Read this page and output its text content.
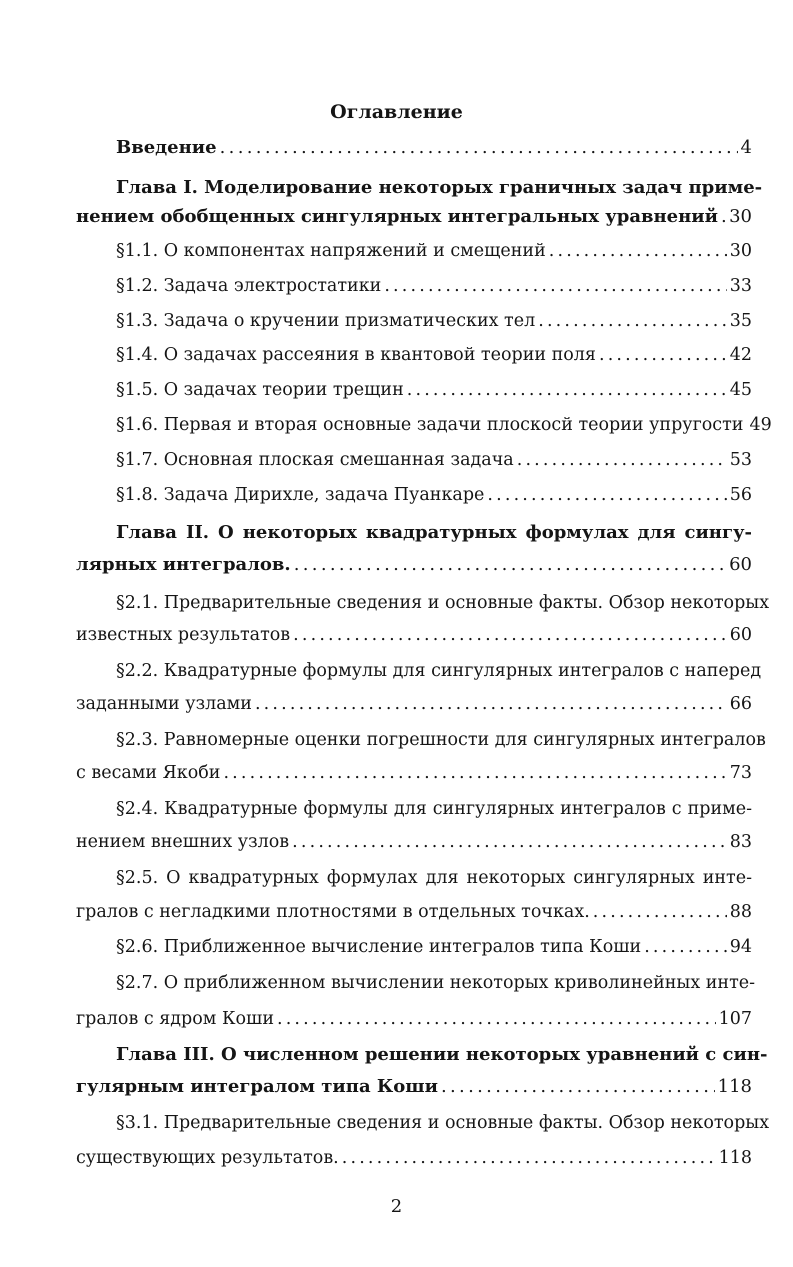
Оглавление
Введение . . .	4
Глава I. Моделирование некоторых граничных задач приме-
нением обобщенных сингулярных интегральных уравнений . . . 30
§1.1. О компонентах напряжений и смещений . . .	30
§1.2. Задача электростатики . . .	33
§1.3. Задача о кручении призматических тел . . .	35
§1.4. О задачах рассеяния в квантовой теории поля . . .	42
§1.5. О задачах теории трещин . . .	45
§1.6. Первая и вторая основные задачи плоскосй теории упругости 49
§1.7. Основная плоская смешанная задача . . .	53
§1.8. Задача Дирихле, задача Пуанкаре . . .	56
Глава II. О некоторых квадратурных формулах для сингу-
лярных интегралов. . . .	60
§2.1. Предварительные сведения и основные факты. Обзор некоторых
известных результатов . . .	60
§2.2. Квадратурные формулы для сингулярных интегралов с наперед
заданными узлами . . .	66
§2.3. Равномерные оценки погрешности для сингулярных интегралов
с весами Якоби . . .	73
§2.4. Квадратурные формулы для сингулярных интегралов с приме-
нением внешних узлов . . .	83
§2.5. О квадратурных формулах для некоторых сингулярных инте-
гралов с негладкими плотностями в отдельных точках. . . .	88
§2.6. Приближенное вычисление интегралов типа Коши . . .	94
§2.7. О приближенном вычислении некоторых криволинейных инте-
гралов с ядром Коши . . .	107
Глава III. О численном решении некоторых уравнений с син-
гулярным интегралом типа Коши . . .	118
§3.1. Предварительные сведения и основные факты. Обзор некоторых
существующих результатов. . . .	118
2
